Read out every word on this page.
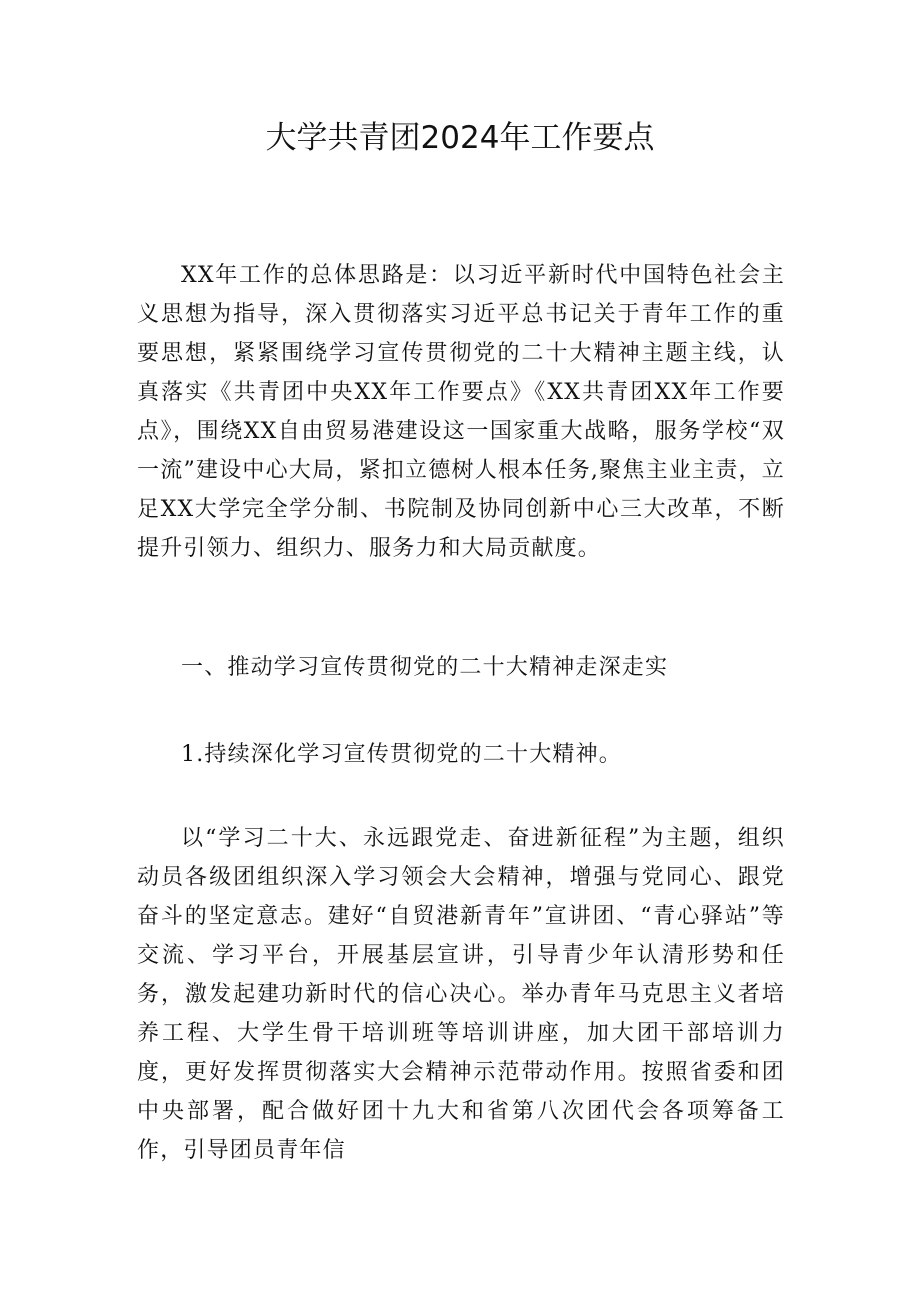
大学共青团2024年工作要点

XX年工作的总体思路是：以习近平新时代中国特色社会主义思想为指导，深入贯彻落实习近平总书记关于青年工作的重要思想，紧紧围绕学习宣传贯彻党的二十大精神主题主线，认真落实《共青团中央XX年工作要点》《XX共青团XX年工作要点》，围绕XX自由贸易港建设这一国家重大战略，服务学校“双一流”建设中心大局，紧扣立德树人根本任务,聚焦主业主责，立足XX大学完全学分制、书院制及协同创新中心三大改革，不断提升引领力、组织力、服务力和大局贡献度。

一、推动学习宣传贯彻党的二十大精神走深走实

1.持续深化学习宣传贯彻党的二十大精神。

以“学习二十大、永远跟党走、奋进新征程”为主题，组织动员各级团组织深入学习领会大会精神，增强与党同心、跟党奋斗的坚定意志。建好“自贸港新青年”宣讲团、“青心驿站”等交流、学习平台，开展基层宣讲，引导青少年认清形势和任务，激发起建功新时代的信心决心。举办青年马克思主义者培养工程、大学生骨干培训班等培训讲座，加大团干部培训力度，更好发挥贯彻落实大会精神示范带动作用。按照省委和团中央部署，配合做好团十九大和省第八次团代会各项筹备工作，引导团员青年信
